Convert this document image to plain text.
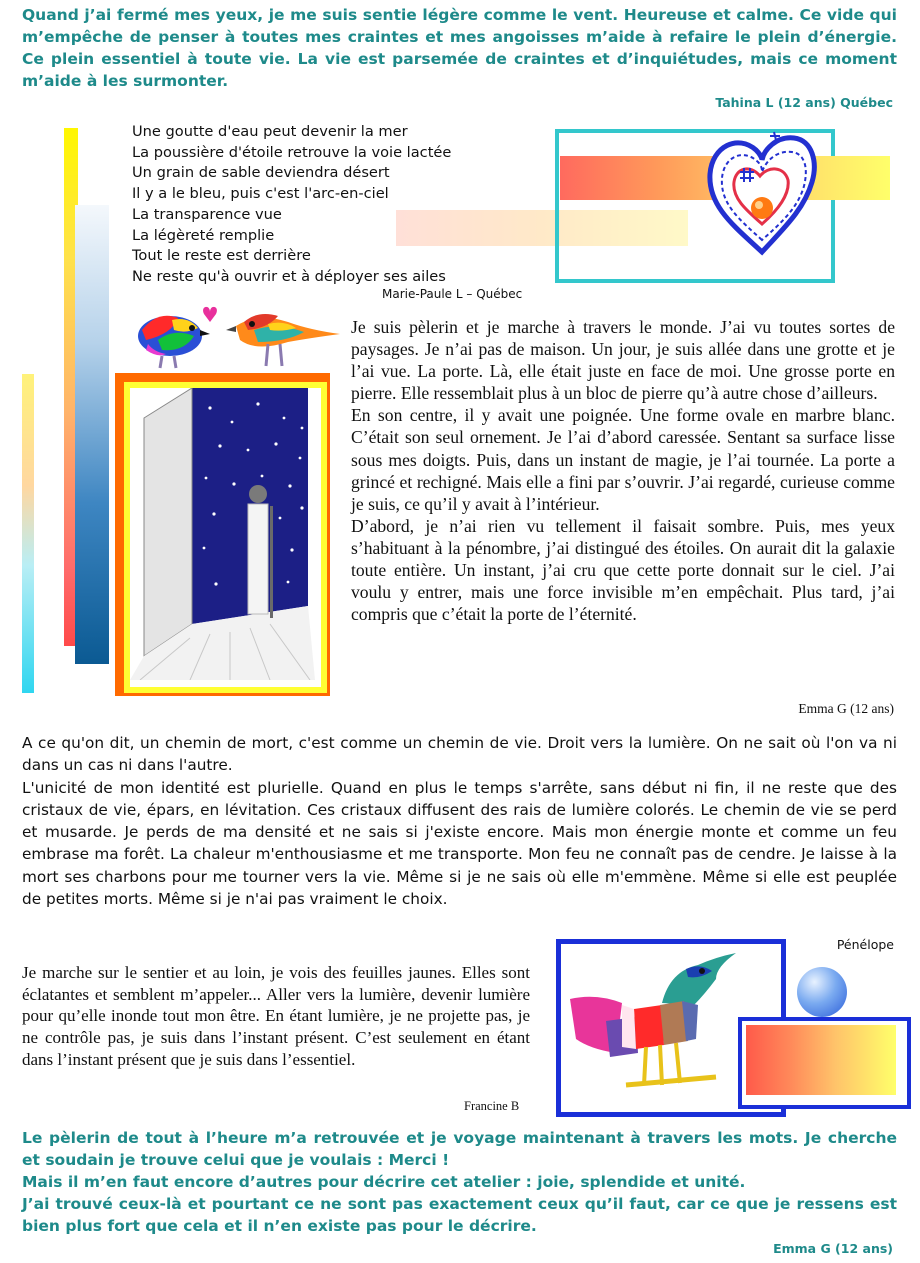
Quand j’ai fermé mes yeux, je me suis sentie légère comme le vent. Heureuse et calme. Ce vide qui m’empêche de penser à toutes mes craintes et mes angoisses m’aide à refaire le plein d’énergie. Ce plein essentiel à toute vie. La vie est parsemée de craintes et d’inquiétudes, mais ce moment m’aide à les surmonter.

Tahina L (12 ans) Québec
Une goutte d'eau peut devenir la mer
La poussière d'étoile retrouve la voie lactée
Un grain de sable deviendra désert
Il y a le bleu, puis c'est l'arc-en-ciel
La transparence vue
La légèreté remplie
Tout le reste est derrière
Ne reste qu'à ouvrir et à déployer ses ailes
Marie-Paule L – Québec

Je suis pèlerin et je marche à travers le monde. J’ai vu toutes sortes de paysages. Je n’ai pas de maison. Un jour, je suis allée dans une grotte et je l’ai vue. La porte. Là, elle était juste en face de moi. Une grosse porte en pierre. Elle ressemblait plus à un bloc de pierre qu’à autre chose d’ailleurs.

En son centre, il y avait une poignée. Une forme ovale en marbre blanc. C’était son seul ornement. Je l’ai d’abord caressée. Sentant sa surface lisse sous mes doigts. Puis, dans un instant de magie, je l’ai tournée. La porte a grincé et rechigné. Mais elle a fini par s’ouvrir. J’ai regardé, curieuse comme je suis, ce qu’il y avait à l’intérieur.

D’abord, je n’ai rien vu tellement il faisait sombre. Puis, mes yeux s’habituant à la pénombre, j’ai distingué des étoiles. On aurait dit la galaxie toute entière. Un instant, j’ai cru que cette porte donnait sur le ciel. J’ai voulu y entrer, mais une force invisible m’en empêchait. Plus tard, j’ai compris que c’était la porte de l’éternité.

Emma G (12 ans)

A ce qu'on dit, un chemin de mort, c'est comme un chemin de vie. Droit vers la lumière. On ne sait où l'on va ni dans un cas ni dans l'autre.

L'unicité de mon identité est plurielle. Quand en plus le temps s'arrête, sans début ni fin, il ne reste que des cristaux de vie, épars, en lévitation. Ces cristaux diffusent des rais de lumière colorés. Le chemin de vie se perd et musarde. Je perds de ma densité et ne sais si j'existe encore. Mais mon énergie monte et comme un feu embrase ma forêt. La chaleur m'enthousiasme et me transporte. Mon feu ne connaît pas de cendre. Je laisse à la mort ses charbons pour me tourner vers la vie. Même si je ne sais où elle m'emmène. Même si elle est peuplée de petites morts. Même si je n'ai pas vraiment le choix.

Pénélope

Je marche sur le sentier et au loin, je vois des feuilles jaunes. Elles sont éclatantes et semblent m’appeler... Aller vers la lumière, devenir lumière pour qu’elle inonde tout mon être. En étant lumière, je ne projette pas, je ne contrôle pas, je suis dans l’instant présent. C’est seulement en étant dans l’instant présent que je suis dans l’essentiel.

Francine B

Le pèlerin de tout à l’heure m’a retrouvée et je voyage maintenant à travers les mots. Je cherche et soudain je trouve celui que je voulais : Merci !

Mais il m’en faut encore d’autres pour décrire cet atelier : joie, splendide et unité.

J’ai trouvé ceux-là et pourtant ce ne sont pas exactement ceux qu’il faut, car ce que je ressens est bien plus fort que cela et il n’en existe pas pour le décrire.

Emma G (12 ans)
